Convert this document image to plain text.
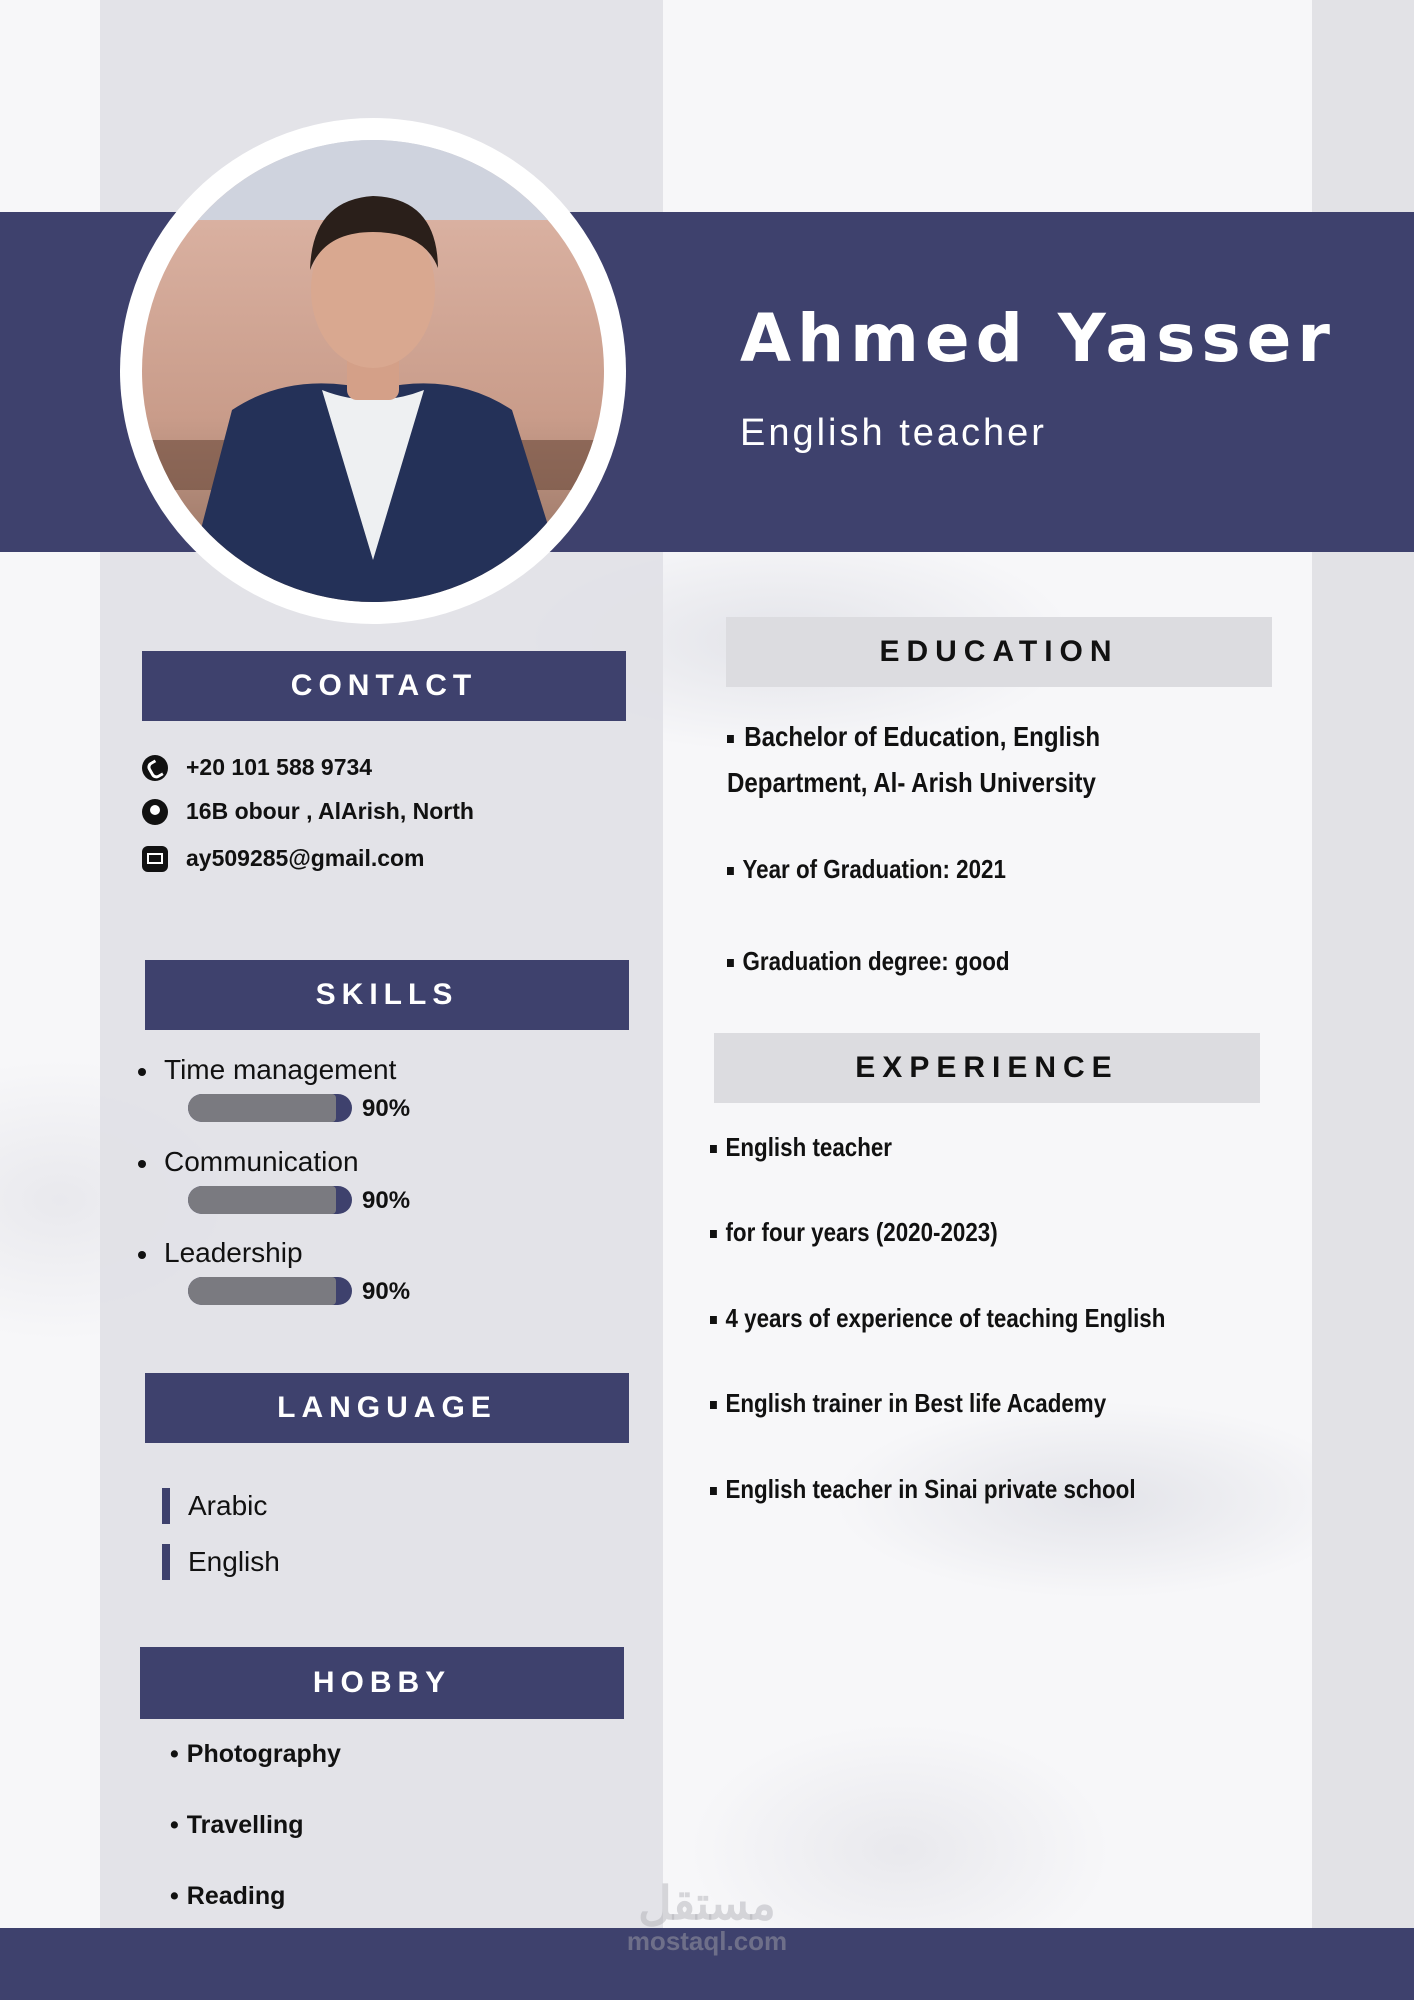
Ahmed Yasser
English teacher
CONTACT
+20 101 588 9734
16B obour , AlArish, North
ay509285@gmail.com
SKILLS
Time management
90%
Communication
90%
Leadership
90%
LANGUAGE
Arabic
English
HOBBY
• Photography
• Travelling
• Reading
EDUCATION
Bachelor of Education, English Department, Al- Arish University
Year of Graduation: 2021
Graduation degree: good
EXPERIENCE
English teacher
for four years (2020-2023)
4 years of experience of teaching English
English trainer in Best life Academy
English teacher in Sinai private school
مستقل
mostaql.com
